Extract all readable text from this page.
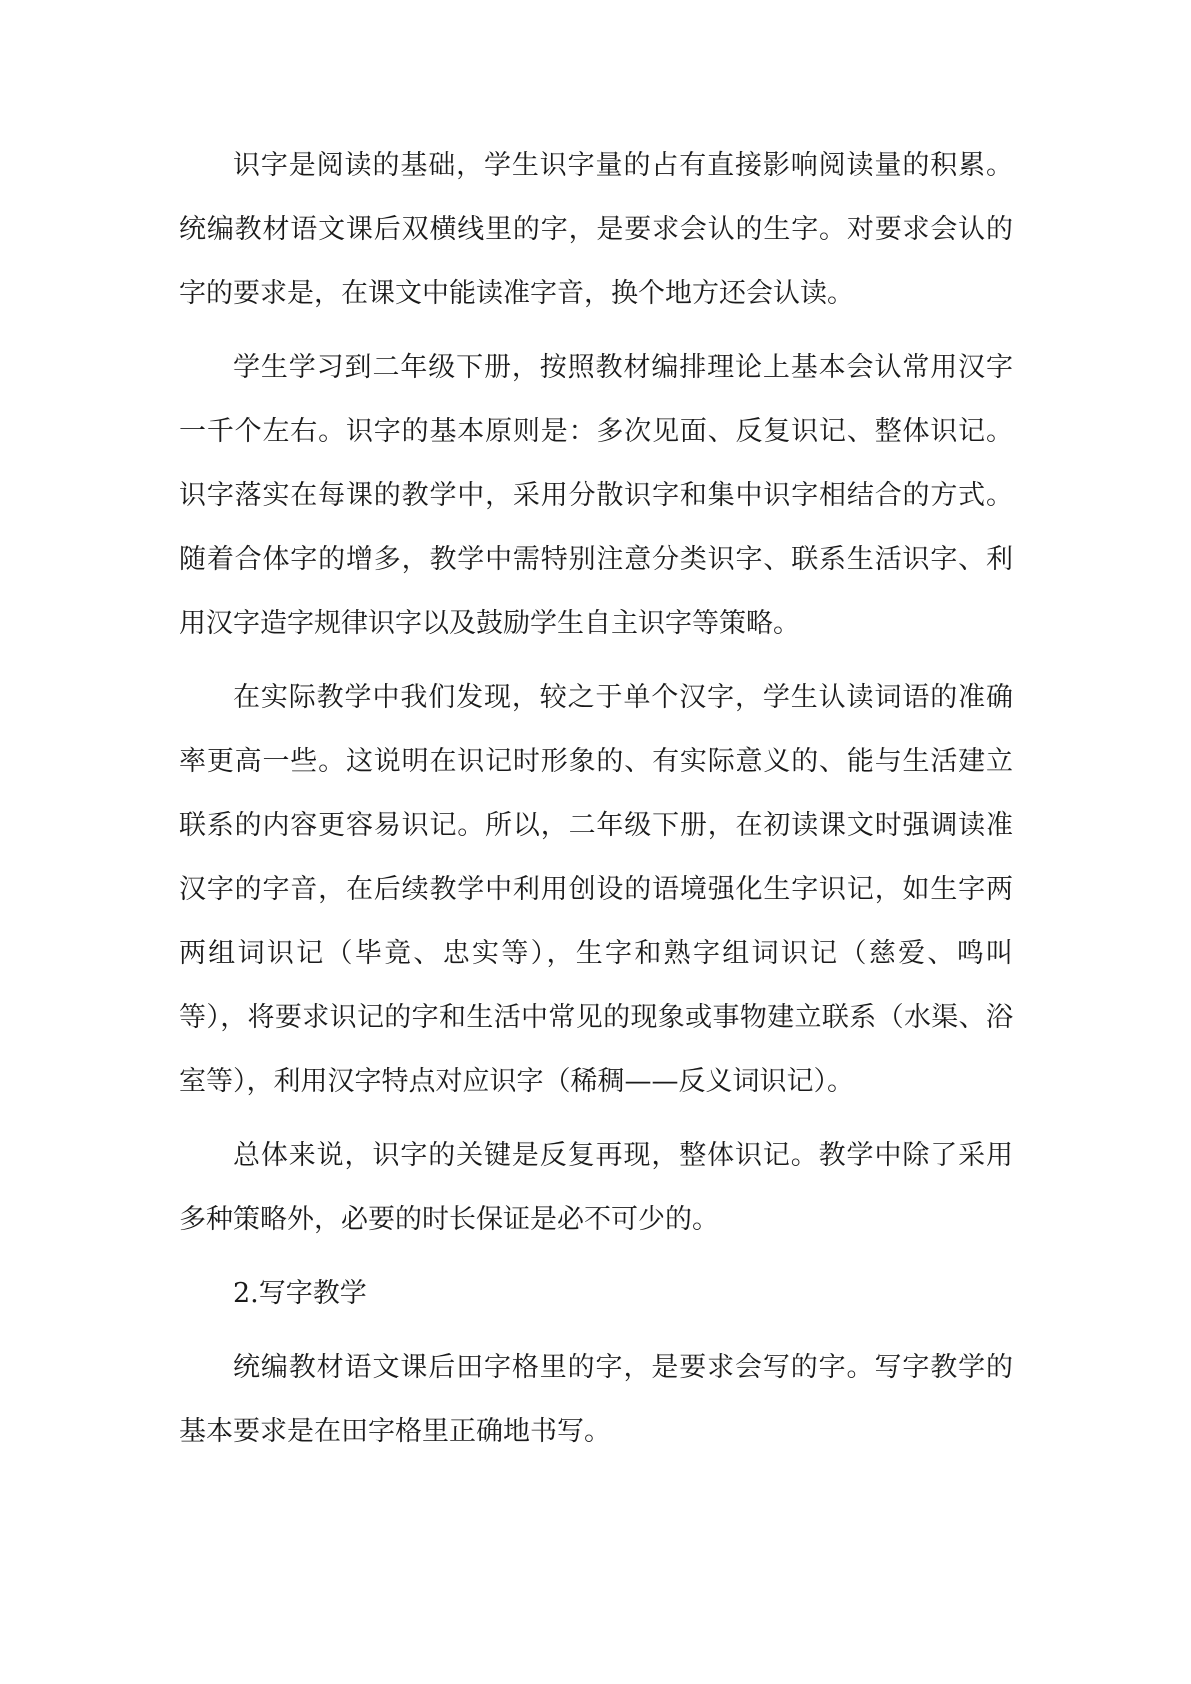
识字是阅读的基础，学生识字量的占有直接影响阅读量的积累。统编教材语文课后双横线里的字，是要求会认的生字。对要求会认的字的要求是，在课文中能读准字音，换个地方还会认读。

学生学习到二年级下册，按照教材编排理论上基本会认常用汉字一千个左右。识字的基本原则是：多次见面、反复识记、整体识记。识字落实在每课的教学中，采用分散识字和集中识字相结合的方式。随着合体字的增多，教学中需特别注意分类识字、联系生活识字、利用汉字造字规律识字以及鼓励学生自主识字等策略。

在实际教学中我们发现，较之于单个汉字，学生认读词语的准确率更高一些。这说明在识记时形象的、有实际意义的、能与生活建立联系的内容更容易识记。所以，二年级下册，在初读课文时强调读准汉字的字音，在后续教学中利用创设的语境强化生字识记，如生字两两组词识记（毕竟、忠实等），生字和熟字组词识记（慈爱、鸣叫等），将要求识记的字和生活中常见的现象或事物建立联系（水渠、浴室等），利用汉字特点对应识字（稀稠——反义词识记）。

总体来说，识字的关键是反复再现，整体识记。教学中除了采用多种策略外，必要的时长保证是必不可少的。

2.写字教学

统编教材语文课后田字格里的字，是要求会写的字。写字教学的基本要求是在田字格里正确地书写。
